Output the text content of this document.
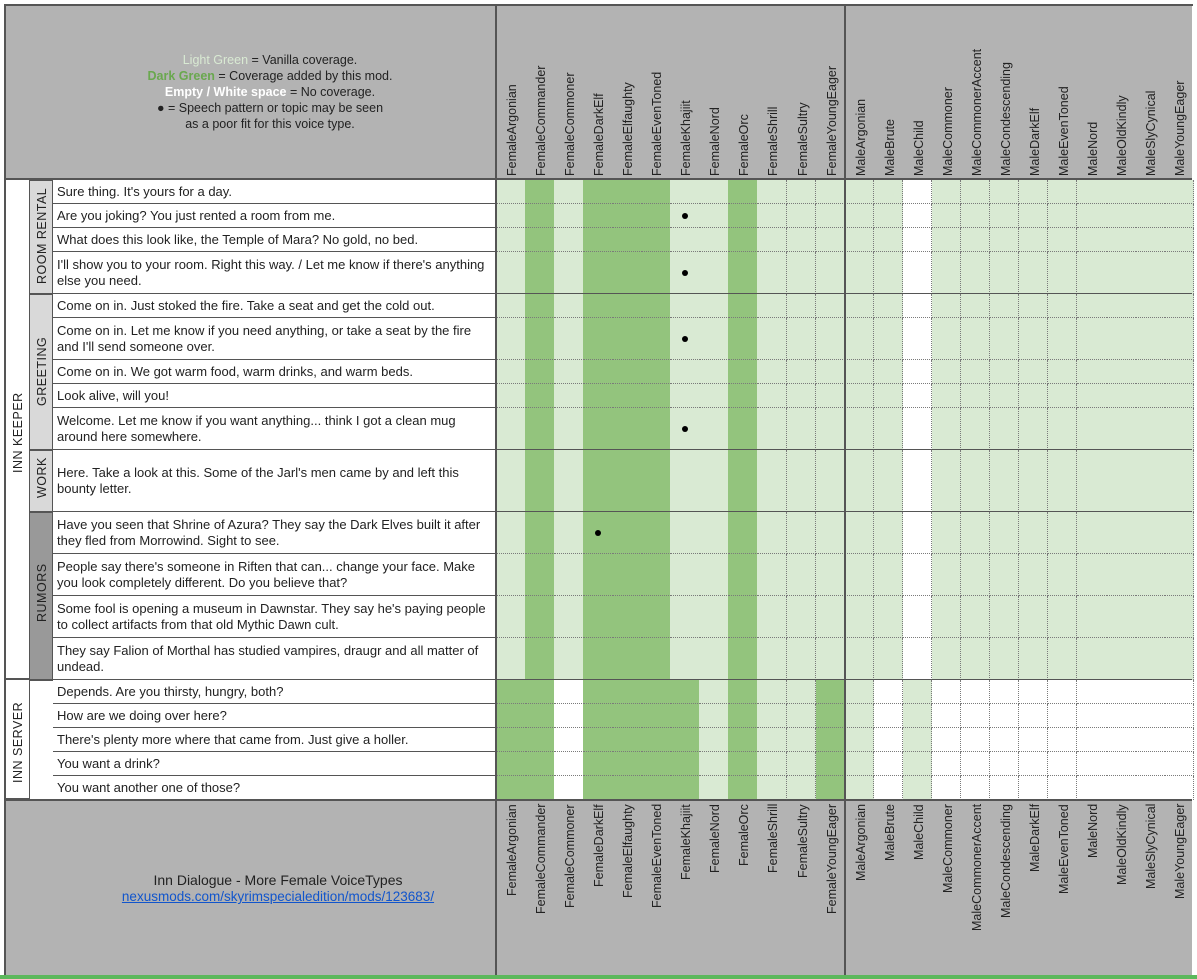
Light Green = Vanilla coverage.
Dark Green = Coverage added by this mod.
Empty / White space = No coverage.
● = Speech pattern or topic may be seen
as a poor fit for this voice type.
Inn Dialogue - More Female VoiceTypes
nexusmods.com/skyrimspecialedition/mods/123683/
FemaleArgonian
FemaleArgonian
FemaleCommander
FemaleCommander
FemaleCommoner
FemaleCommoner
FemaleDarkElf
FemaleDarkElf
FemaleElfaughty
FemaleElfaughty
FemaleEvenToned
FemaleEvenToned
FemaleKhajiit
FemaleKhajiit
FemaleNord
FemaleNord
FemaleOrc
FemaleOrc
FemaleShrill
FemaleShrill
FemaleSultry
FemaleSultry
FemaleYoungEager
FemaleYoungEager
MaleArgonian
MaleArgonian
MaleBrute
MaleBrute
MaleChild
MaleChild
MaleCommoner
MaleCommoner
MaleCommonerAccent
MaleCommonerAccent
MaleCondescending
MaleCondescending
MaleDarkElf
MaleDarkElf
MaleEvenToned
MaleEvenToned
MaleNord
MaleNord
MaleOldKindly
MaleOldKindly
MaleSlyCynical
MaleSlyCynical
MaleYoungEager
MaleYoungEager
Sure thing. It's yours for a day.
Are you joking? You just rented a room from me.
What does this look like, the Temple of Mara? No gold, no bed.
I'll show you to your room. Right this way. / Let me know if there's anything else you need.
ROOM RENTAL
Come on in. Just stoked the fire. Take a seat and get the cold out.
Come on in. Let me know if you need anything, or take a seat by the fire and I'll send someone over.
Come on in. We got warm food, warm drinks, and warm beds.
Look alive, will you!
Welcome. Let me know if you want anything... think I got a clean mug around here somewhere.
GREETING
Here. Take a look at this. Some of the Jarl's men came by and left this bounty letter.
WORK
Have you seen that Shrine of Azura? They say the Dark Elves built it after they fled from Morrowind. Sight to see.
People say there's someone in Riften that can... change your face. Make you look completely different. Do you believe that?
Some fool is opening a museum in Dawnstar. They say he's paying people to collect artifacts from that old Mythic Dawn cult.
They say Falion of Morthal has studied vampires, draugr and all matter of undead.
RUMORS
INN KEEPER
Depends. Are you thirsty, hungry, both?
How are we doing over here?
There's plenty more where that came from. Just give a holler.
You want a drink?
You want another one of those?
INN SERVER
